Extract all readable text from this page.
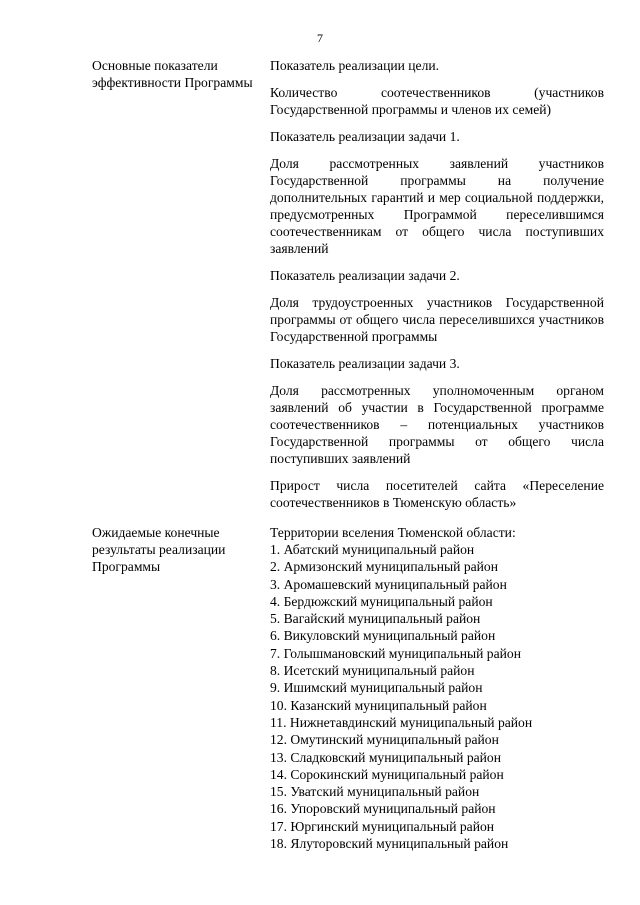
7
Основные показатели эффективности Программы

Показатель реализации цели.

Количество соотечественников (участников Государственной программы и членов их семей)

Показатель реализации задачи 1.

Доля рассмотренных заявлений участников Государственной программы на получение дополнительных гарантий и мер социальной поддержки, предусмотренных Программой переселившимся соотечественникам от общего числа поступивших заявлений

Показатель реализации задачи 2.

Доля трудоустроенных участников Государственной программы от общего числа переселившихся участников Государственной программы

Показатель реализации задачи 3.

Доля рассмотренных уполномоченным органом заявлений об участии в Государственной программе соотечественников – потенциальных участников Государственной программы от общего числа поступивших заявлений

Прирост числа посетителей сайта «Переселение соотечественников в Тюменскую область»

Ожидаемые конечные результаты реализации Программы

Территории вселения Тюменской области:

1. Абатский муниципальный район
2. Армизонский муниципальный район
3. Аромашевский муниципальный район
4. Бердюжский муниципальный район
5. Вагайский муниципальный район
6. Викуловский муниципальный район
7. Голышмановский муниципальный район
8. Исетский муниципальный район
9. Ишимский муниципальный район
10. Казанский муниципальный район
11. Нижнетавдинский муниципальный район
12. Омутинский муниципальный район
13. Сладковский муниципальный район
14. Сорокинский муниципальный район
15. Уватский муниципальный район
16. Упоровский муниципальный район
17. Юргинский муниципальный район
18. Ялуторовский муниципальный район
